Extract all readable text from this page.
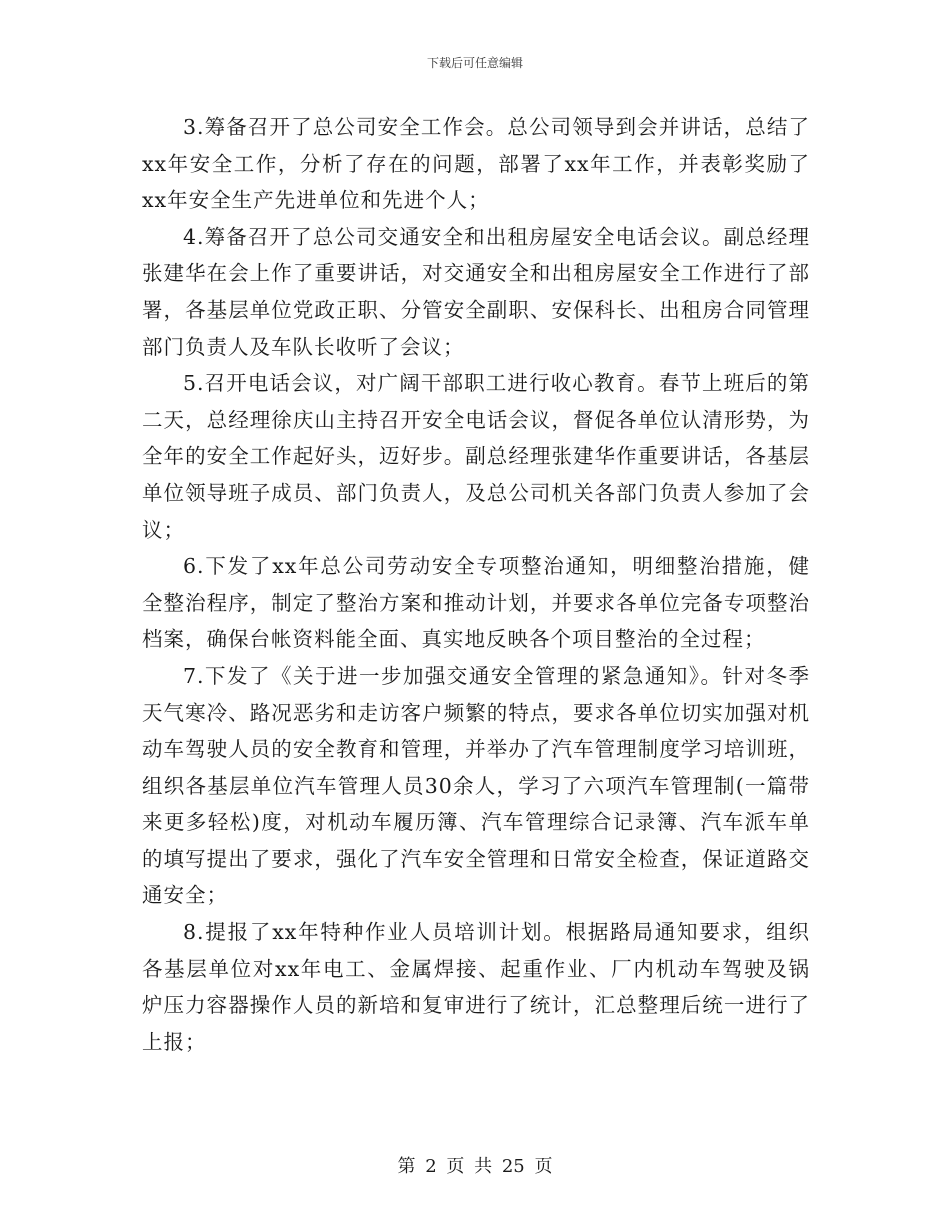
下载后可任意编辑

3.筹备召开了总公司安全工作会。总公司领导到会并讲话，总结了xx年安全工作，分析了存在的问题，部署了xx年工作，并表彰奖励了xx年安全生产先进单位和先进个人；

4.筹备召开了总公司交通安全和出租房屋安全电话会议。副总经理张建华在会上作了重要讲话，对交通安全和出租房屋安全工作进行了部署，各基层单位党政正职、分管安全副职、安保科长、出租房合同管理部门负责人及车队长收听了会议；

5.召开电话会议，对广阔干部职工进行收心教育。春节上班后的第二天，总经理徐庆山主持召开安全电话会议，督促各单位认清形势，为全年的安全工作起好头，迈好步。副总经理张建华作重要讲话，各基层单位领导班子成员、部门负责人，及总公司机关各部门负责人参加了会议；

6.下发了xx年总公司劳动安全专项整治通知，明细整治措施，健全整治程序，制定了整治方案和推动计划，并要求各单位完备专项整治档案，确保台帐资料能全面、真实地反映各个项目整治的全过程；

7.下发了《关于进一步加强交通安全管理的紧急通知》。针对冬季天气寒冷、路况恶劣和走访客户频繁的特点，要求各单位切实加强对机动车驾驶人员的安全教育和管理，并举办了汽车管理制度学习培训班，组织各基层单位汽车管理人员30余人，学习了六项汽车管理制(一篇带来更多轻松)度，对机动车履历簿、汽车管理综合记录簿、汽车派车单的填写提出了要求，强化了汽车安全管理和日常安全检查，保证道路交通安全；

8.提报了xx年特种作业人员培训计划。根据路局通知要求，组织各基层单位对xx年电工、金属焊接、起重作业、厂内机动车驾驶及锅炉压力容器操作人员的新培和复审进行了统计，汇总整理后统一进行了上报；

第 2 页 共 25 页
